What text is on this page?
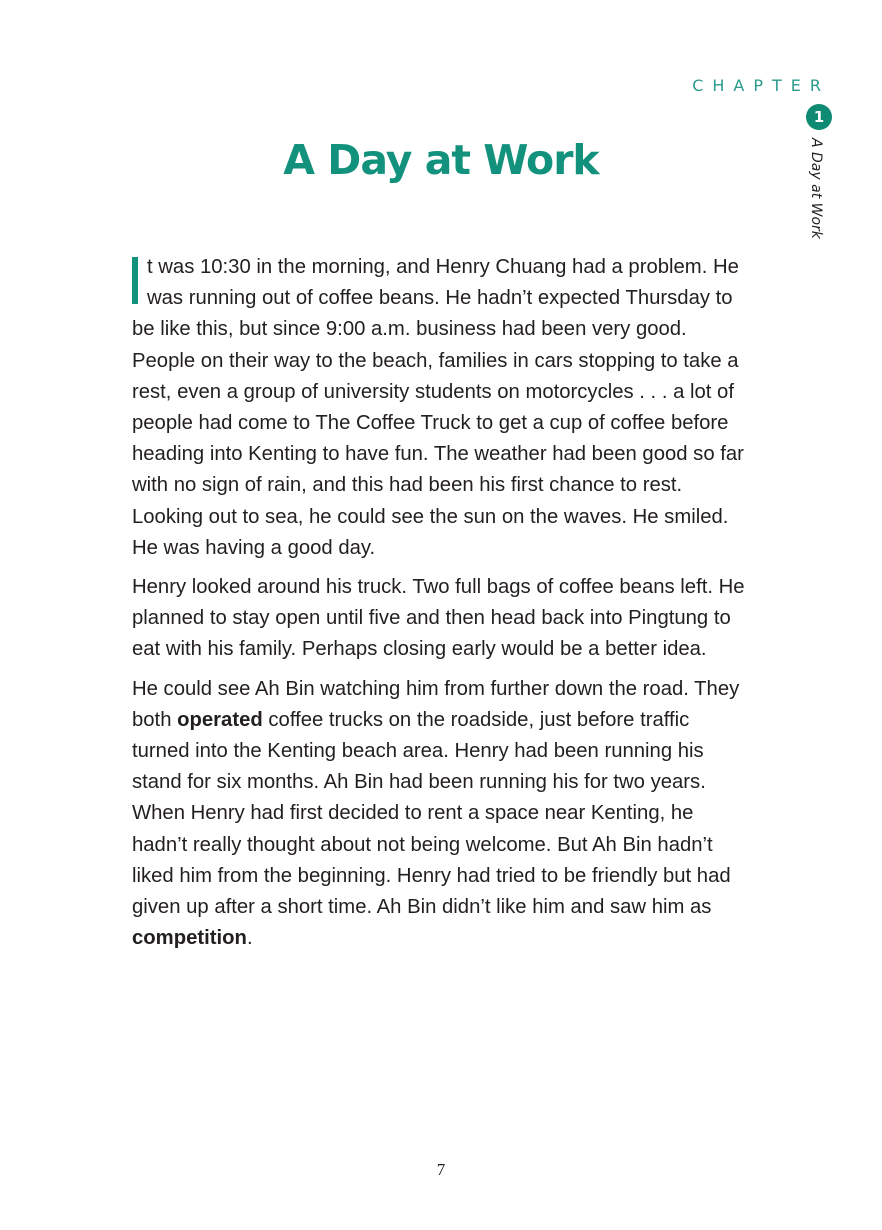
CHAPTER
1
A Day at Work
A Day at Work

t was 10:30 in the morning, and Henry Chuang had a problem. He was running out of coffee beans. He hadn’t expected Thursday to be like this, but since 9:00 a.m. business had been very good. People on their way to the beach, families in cars stopping to take a rest, even a group of university students on motorcycles . . . a lot of people had come to The Coffee Truck to get a cup of coffee before heading into Kenting to have fun. The weather had been good so far with no sign of rain, and this had been his first chance to rest. Looking out to sea, he could see the sun on the waves. He smiled. He was having a good day.

Henry looked around his truck. Two full bags of coffee beans left. He planned to stay open until five and then head back into Pingtung to eat with his family. Perhaps closing early would be a better idea.

He could see Ah Bin watching him from further down the road. They both operated coffee trucks on the roadside, just before traffic turned into the Kenting beach area. Henry had been running his stand for six months. Ah Bin had been running his for two years. When Henry had first decided to rent a space near Kenting, he hadn’t really thought about not being welcome. But Ah Bin hadn’t liked him from the beginning. Henry had tried to be friendly but had given up after a short time. Ah Bin didn’t like him and saw him as competition.

7
